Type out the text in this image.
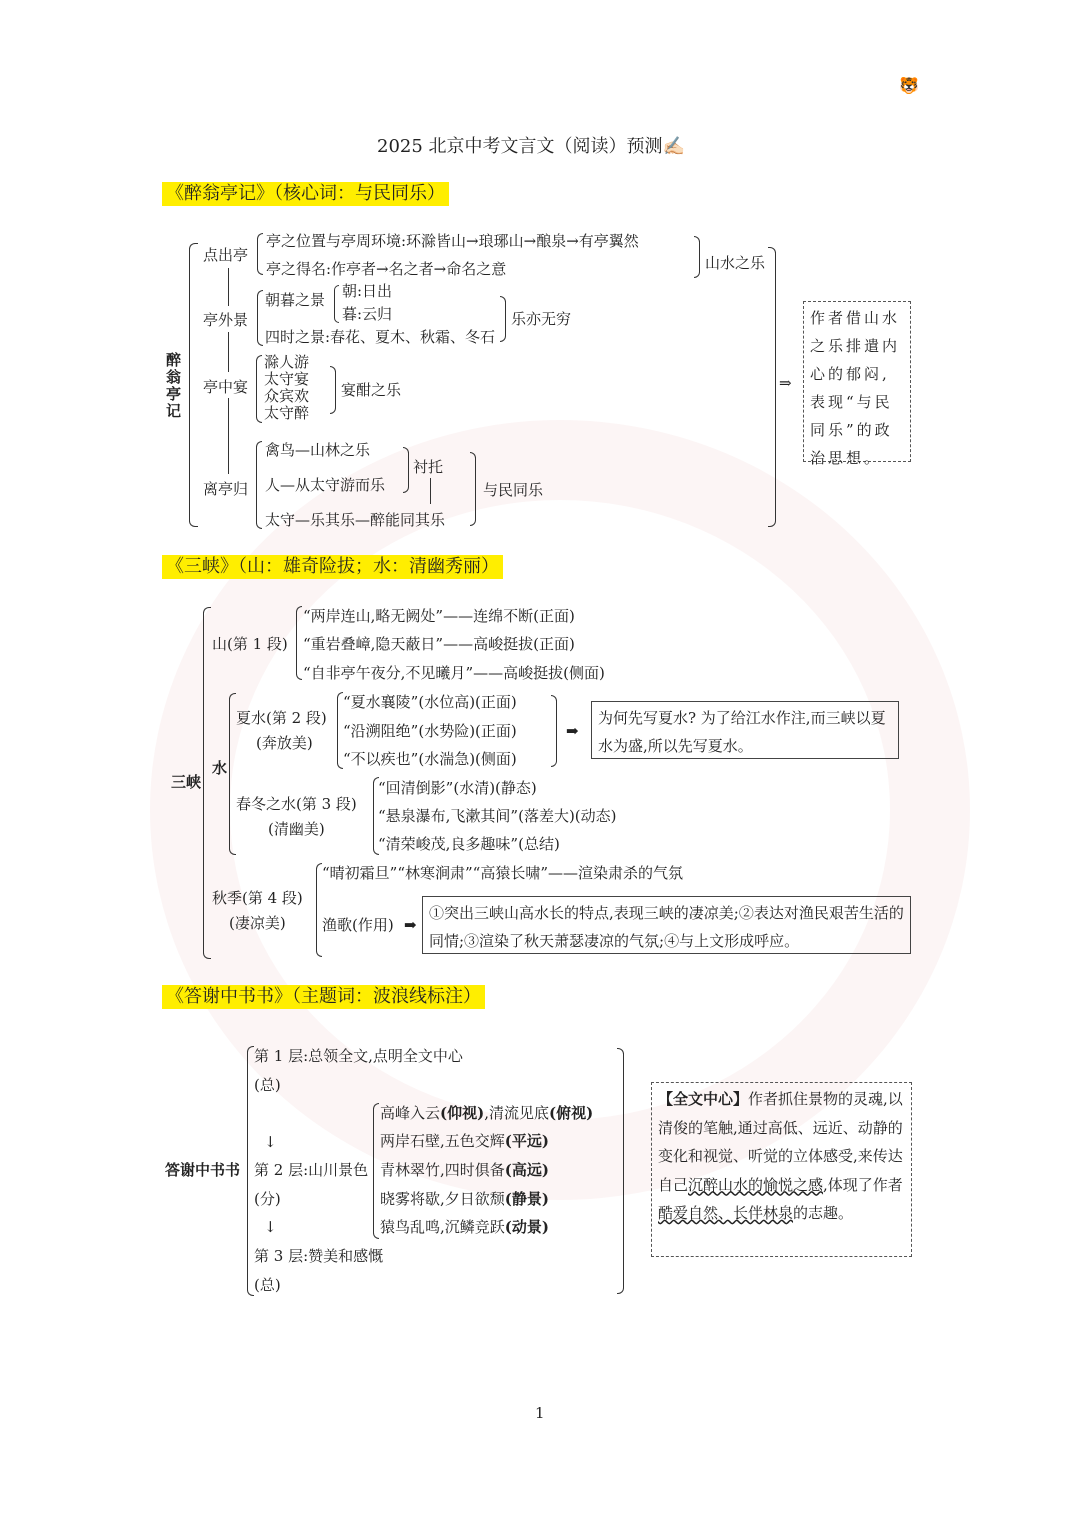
🐯
2025 北京中考文言文（阅读）预测✍🏻
《醉翁亭记》（核心词：与民同乐）
醉翁亭记
点出亭
亭之位置与亭周环境:环滁皆山→琅琊山→酿泉→有亭翼然
亭之得名:作亭者→名之者→命名之意	山水之乐
亭外景
朝暮之景 朝:日出
暮:云归
四时之景:春花、夏木、秋霜、冬石
乐亦无穷
亭中宴
滁人游
太守宴
众宾欢
太守醉
宴酣之乐
离亭归
禽鸟—山林之乐
人—从太守游而乐
太守—乐其乐—醉能同其乐
衬托
与民同乐
⇒
作者借山水之乐排遣内心的郁闷,表现“与民同乐”的政治思想。
《三峡》（山：雄奇险拔；水：清幽秀丽）
三峡
山(第 1 段)
“两岸连山,略无阙处”——连绵不断(正面)
“重岩叠嶂,隐天蔽日”——高峻挺拔(正面)
“自非亭午夜分,不见曦月”——高峻挺拔(侧面)
水
夏水(第 2 段)
(奔放美)
“夏水襄陵”(水位高)(正面)
“沿溯阻绝”(水势险)(正面)
“不以疾也”(水湍急)(侧面)
➡
为何先写夏水? 为了给江水作注,而三峡以夏水为盛,所以先写夏水。
春冬之水(第 3 段)
(清幽美)
“回清倒影”(水清)(静态)
“悬泉瀑布,飞漱其间”(落差大)(动态)
“清荣峻茂,良多趣味”(总结)
秋季(第 4 段)
(凄凉美)
“晴初霜旦”“林寒涧肃”“高猿长啸”——渲染肃杀的气氛
渔歌(作用) ➡
①突出三峡山高水长的特点,表现三峡的凄凉美;②表达对渔民艰苦生活的同情;③渲染了秋天萧瑟凄凉的气氛;④与上文形成呼应。
《答谢中书书》（主题词：波浪线标注）
答谢中书书
第 1 层:总领全文,点明全文中心
(总)
↓
第 2 层:山川景色
(分)
↓
第 3 层:赞美和感慨
(总)
高峰入云(仰视),清流见底(俯视)
两岸石壁,五色交辉(平远)
青林翠竹,四时俱备(高远)
晓雾将歇,夕日欲颓(静景)
猿鸟乱鸣,沉鳞竞跃(动景)
【全文中心】作者抓住景物的灵魂,以清俊的笔触,通过高低、远近、动静的变化和视觉、听觉的立体感受,来传达自己沉醉山水的愉悦之感,体现了作者酷爱自然、长伴林泉的志趣。
1
